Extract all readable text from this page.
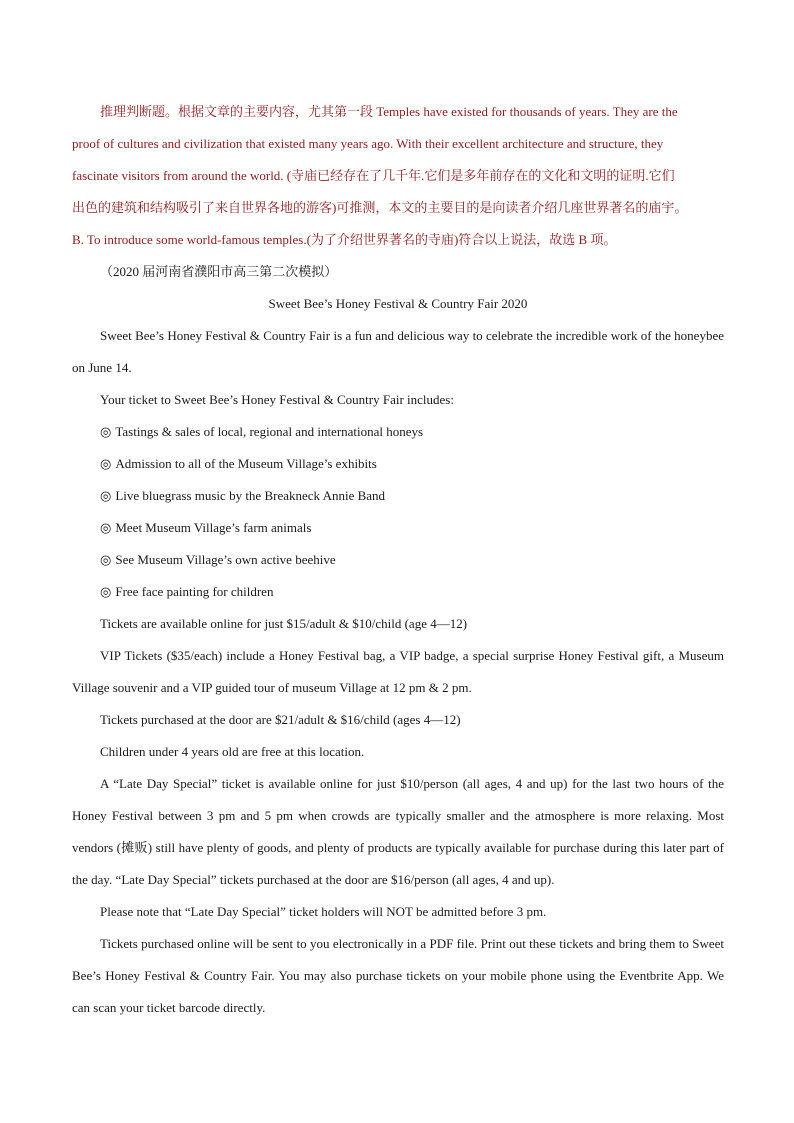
推理判断题。根据文章的主要内容，尤其第一段 Temples have existed for thousands of years. They are the
proof of cultures and civilization that existed many years ago. With their excellent architecture and structure, they
fascinate visitors from around the world. (寺庙已经存在了几千年.它们是多年前存在的文化和文明的证明.它们
出色的建筑和结构吸引了来自世界各地的游客)可推测，本文的主要目的是向读者介绍几座世界著名的庙宇。
B. To introduce some world-famous temples.(为了介绍世界著名的寺庙)符合以上说法，故选 B 项。

（2020 届河南省濮阳市高三第二次模拟）

Sweet Bee’s Honey Festival & Country Fair 2020

Sweet Bee’s Honey Festival & Country Fair is a fun and delicious way to celebrate the incredible work of the honeybee on June 14.

Your ticket to Sweet Bee’s Honey Festival & Country Fair includes:

◎ Tastings & sales of local, regional and international honeys
◎ Admission to all of the Museum Village’s exhibits
◎ Live bluegrass music by the Breakneck Annie Band
◎ Meet Museum Village’s farm animals
◎ See Museum Village’s own active beehive
◎ Free face painting for children

Tickets are available online for just $15/adult & $10/child (age 4—12)

VIP Tickets ($35/each) include a Honey Festival bag, a VIP badge, a special surprise Honey Festival gift, a Museum Village souvenir and a VIP guided tour of museum Village at 12 pm & 2 pm.

Tickets purchased at the door are $21/adult & $16/child (ages 4—12)

Children under 4 years old are free at this location.

A “Late Day Special” ticket is available online for just $10/person (all ages, 4 and up) for the last two hours of the Honey Festival between 3 pm and 5 pm when crowds are typically smaller and the atmosphere is more relaxing. Most vendors (摊贩) still have plenty of goods, and plenty of products are typically available for purchase during this later part of the day. “Late Day Special” tickets purchased at the door are $16/person (all ages, 4 and up).

Please note that “Late Day Special” ticket holders will NOT be admitted before 3 pm.

Tickets purchased online will be sent to you electronically in a PDF file. Print out these tickets and bring them to Sweet Bee’s Honey Festival & Country Fair. You may also purchase tickets on your mobile phone using the Eventbrite App. We can scan your ticket barcode directly.
